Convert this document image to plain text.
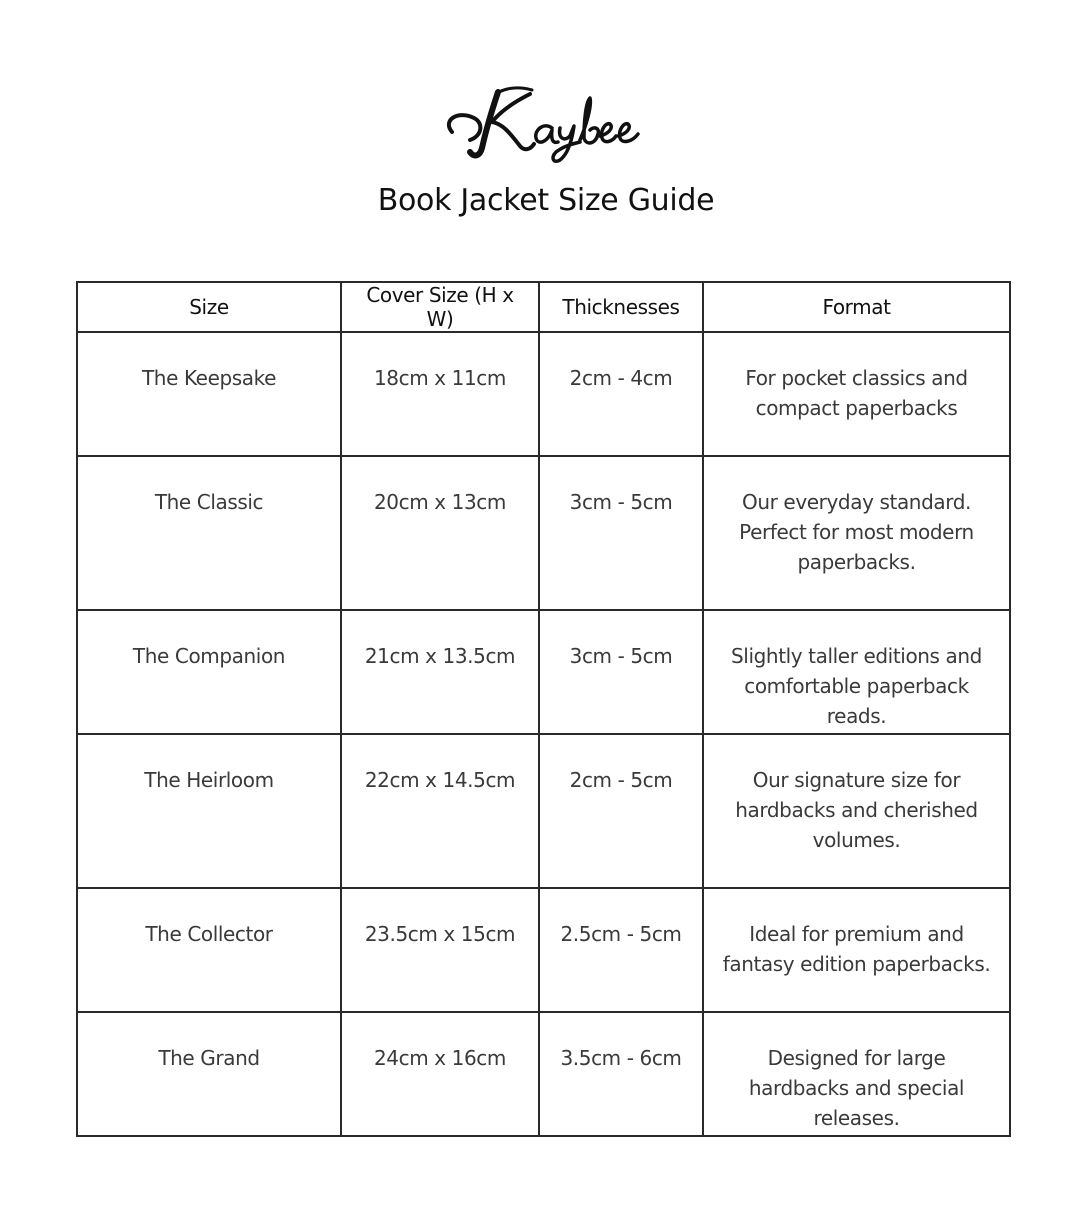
Book Jacket Size Guide
Size	Cover Size (H x W)	Thicknesses	Format
The Keepsake	18cm x 11cm	2cm - 4cm	For pocket classics and compact paperbacks
The Classic	20cm x 13cm	3cm - 5cm	Our everyday standard. Perfect for most modern paperbacks.
The Companion	21cm x 13.5cm	3cm - 5cm	Slightly taller editions and comfortable paperback reads.
The Heirloom	22cm x 14.5cm	2cm - 5cm	Our signature size for hardbacks and cherished volumes.
The Collector	23.5cm x 15cm	2.5cm - 5cm	Ideal for premium and fantasy edition paperbacks.
The Grand	24cm x 16cm	3.5cm - 6cm	Designed for large hardbacks and special releases.
